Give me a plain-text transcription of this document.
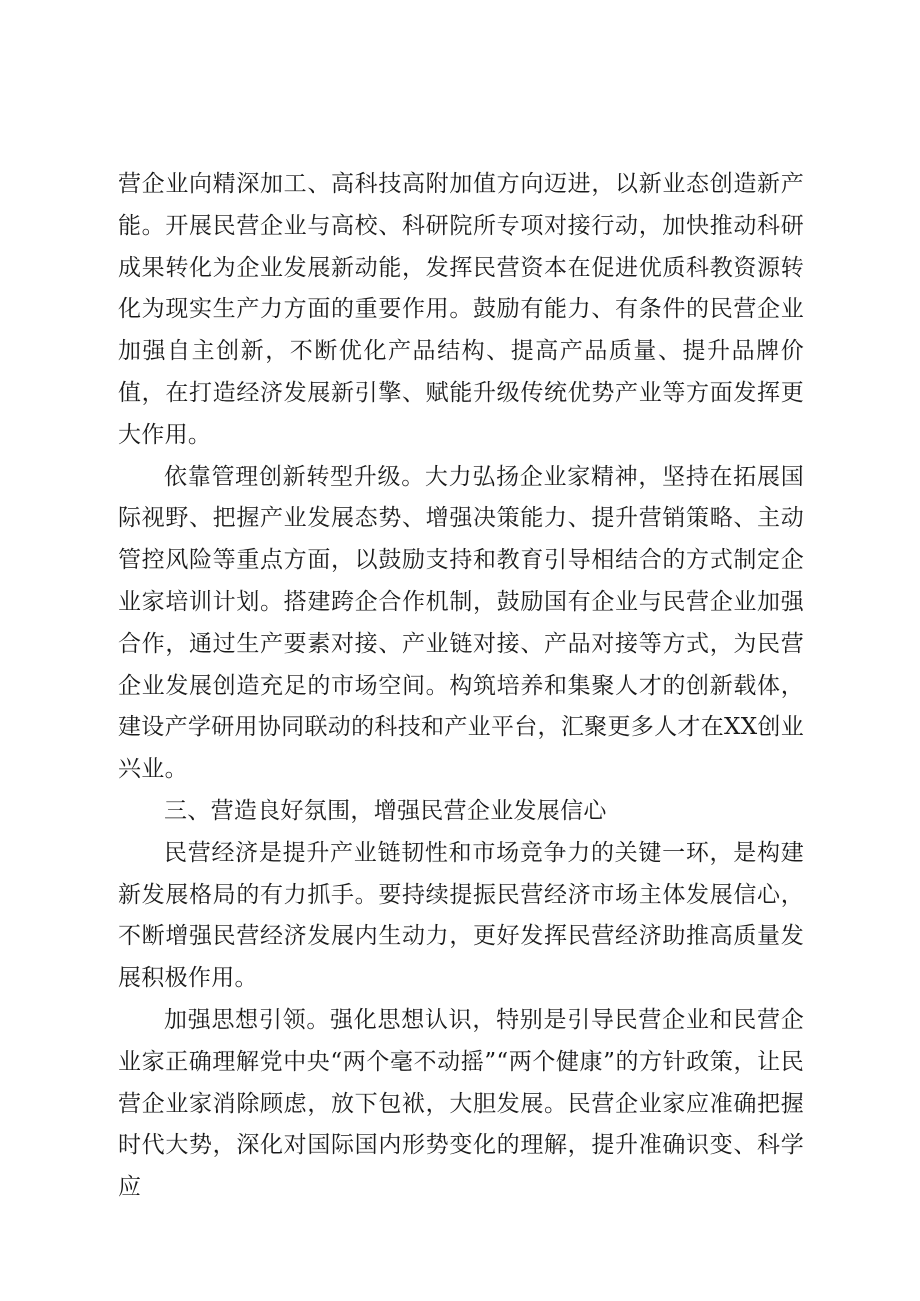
营企业向精深加工、高科技高附加值方向迈进，以新业态创造新产能。开展民营企业与高校、科研院所专项对接行动，加快推动科研成果转化为企业发展新动能，发挥民营资本在促进优质科教资源转化为现实生产力方面的重要作用。鼓励有能力、有条件的民营企业加强自主创新，不断优化产品结构、提高产品质量、提升品牌价值，在打造经济发展新引擎、赋能升级传统优势产业等方面发挥更大作用。

依靠管理创新转型升级。大力弘扬企业家精神，坚持在拓展国际视野、把握产业发展态势、增强决策能力、提升营销策略、主动管控风险等重点方面，以鼓励支持和教育引导相结合的方式制定企业家培训计划。搭建跨企合作机制，鼓励国有企业与民营企业加强合作，通过生产要素对接、产业链对接、产品对接等方式，为民营企业发展创造充足的市场空间。构筑培养和集聚人才的创新载体，建设产学研用协同联动的科技和产业平台，汇聚更多人才在XX创业兴业。

三、营造良好氛围，增强民营企业发展信心

民营经济是提升产业链韧性和市场竞争力的关键一环，是构建新发展格局的有力抓手。要持续提振民营经济市场主体发展信心，不断增强民营经济发展内生动力，更好发挥民营经济助推高质量发展积极作用。

加强思想引领。强化思想认识，特别是引导民营企业和民营企业家正确理解党中央“两个毫不动摇”“两个健康”的方针政策，让民营企业家消除顾虑，放下包袱，大胆发展。民营企业家应准确把握时代大势，深化对国际国内形势变化的理解，提升准确识变、科学应
